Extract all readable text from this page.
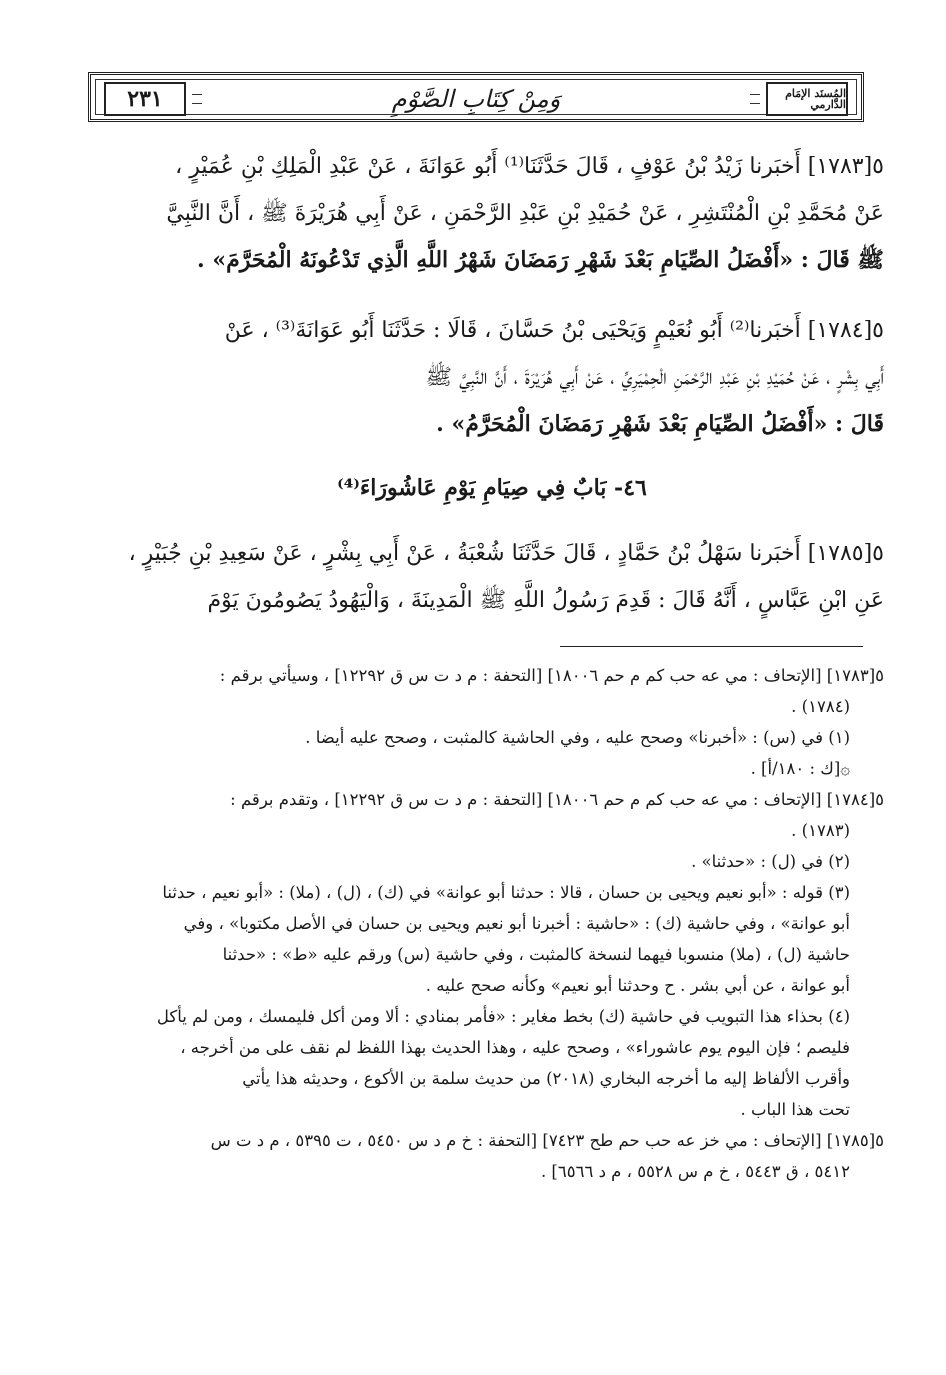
٢٣١	وَمِنْ كِتَابِ الصَّوْمِ	المُسنَد الإمَام الدَّارمي
٥[١٧٨٣] أَخبَرنا زَيْدُ بْنُ عَوْفٍ ، قَالَ حَدَّثَنَا⁽¹⁾ أَبُو عَوَانَةَ ، عَنْ عَبْدِ الْمَلِكِ بْنِ عُمَيْرٍ ،
عَنْ مُحَمَّدِ بْنِ الْمُنْتَشِرِ ، عَنْ حُمَيْدِ بْنِ عَبْدِ الرَّحْمَنِ ، عَنْ أَبِي هُرَيْرَةَ ﷺ ، أَنَّ النَّبِيَّ
ﷺ قَالَ : «أَفْضَلُ الصِّيَامِ بَعْدَ شَهْرِ رَمَضَانَ شَهْرُ اللَّهِ الَّذِي تَدْعُونَهُ الْمُحَرَّمَ» .
٥[١٧٨٤] أَخبَرنا⁽²⁾ أَبُو نُعَيْمٍ وَيَحْيَى بْنُ حَسَّانَ ، قَالَا : حَدَّثَنَا أَبُو عَوَانَةَ⁽³⁾ ، عَنْ
أَبِي بِشْرٍ ، عَنْ حُمَيْدِ بْنِ عَبْدِ الرَّحْمَنِ الْحِمْيَرِيِّ ، عَنْ أَبِي هُرَيْرَةَ ، أَنَّ النَّبِيَّ ﷺ
قَالَ : «أَفْضَلُ الصِّيَامِ بَعْدَ شَهْرِ رَمَضَانَ الْمُحَرَّمُ» .
٤٦- بَابٌ فِي صِيَامِ يَوْمِ عَاشُورَاءَ⁽⁴⁾
٥[١٧٨٥] أَخبَرنا سَهْلُ بْنُ حَمَّادٍ ، قَالَ حَدَّثَنَا شُعْبَةُ ، عَنْ أَبِي بِشْرٍ ، عَنْ سَعِيدِ بْنِ جُبَيْرٍ ،
عَنِ ابْنِ عَبَّاسٍ ، أَنَّهُ قَالَ : قَدِمَ رَسُولُ اللَّهِ ﷺ الْمَدِينَةَ ، وَالْيَهُودُ يَصُومُونَ يَوْمَ

٥[١٧٨٣] [الإتحاف : مي عه حب كم م حم ١٨٠٠٦] [التحفة : م د ت س ق ١٢٢٩٢] ، وسيأتي برقم :

(١٧٨٤) .

(١) في (س) : «أخبرنا» وصحح عليه ، وفي الحاشية كالمثبت ، وصحح عليه أيضا .

۞[ك : ١٨٠/أ] .

٥[١٧٨٤] [الإتحاف : مي عه حب كم م حم ١٨٠٠٦] [التحفة : م د ت س ق ١٢٢٩٢] ، وتقدم برقم :

(١٧٨٣) .

(٢) في (ل) : «حدثنا» .

(٣) قوله : «أبو نعيم ويحيى بن حسان ، قالا : حدثنا أبو عوانة» في (ك) ، (ل) ، (ملا) : «أبو نعيم ، حدثنا

أبو عوانة» ، وفي حاشية (ك) : «حاشية : أخبرنا أبو نعيم ويحيى بن حسان في الأصل مكتوبا» ، وفي

حاشية (ل) ، (ملا) منسوبا فيهما لنسخة كالمثبت ، وفي حاشية (س) ورقم عليه «ط» : «حدثنا

أبو عوانة ، عن أبي بشر . ح وحدثنا أبو نعيم» وكأنه صحح عليه .

(٤) بحذاء هذا التبويب في حاشية (ك) بخط مغاير : «فأمر بمنادي : ألا ومن أكل فليمسك ، ومن لم يأكل

فليصم ؛ فإن اليوم يوم عاشوراء» ، وصحح عليه ، وهذا الحديث بهذا اللفظ لم نقف على من أخرجه ،

وأقرب الألفاظ إليه ما أخرجه البخاري (٢٠١٨) من حديث سلمة بن الأكوع ، وحديثه هذا يأتي

تحت هذا الباب .

٥[١٧٨٥] [الإتحاف : مي خز عه حب حم طح ٧٤٢٣] [التحفة : خ م د س ٥٤٥٠ ، ت ٥٣٩٥ ، م د ت س

٥٤١٢ ، ق ٥٤٤٣ ، خ م س ٥٥٢٨ ، م د ٦٥٦٦] .
